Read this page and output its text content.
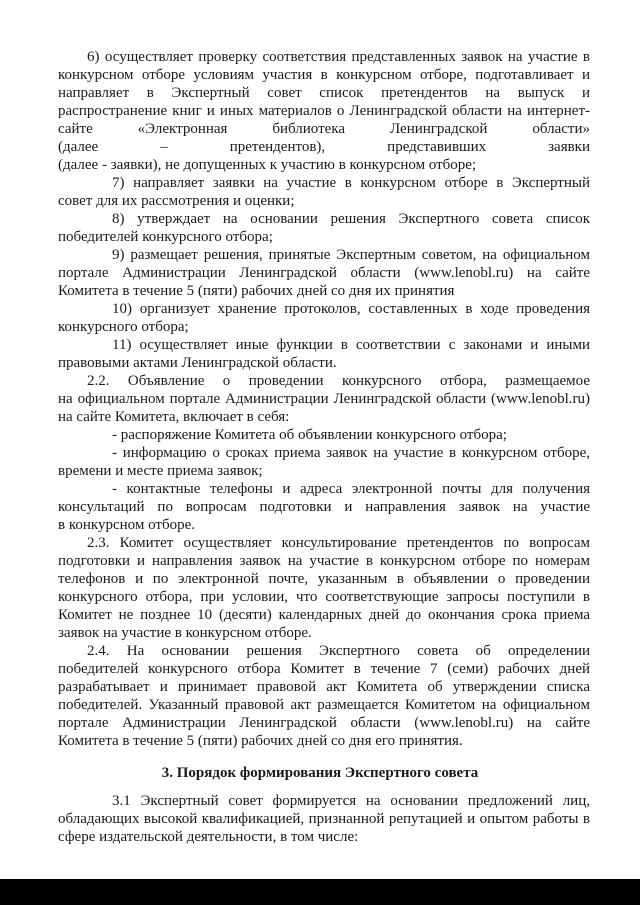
6) осуществляет проверку соответствия представленных заявок на участие в
конкурсном отборе условиям участия в конкурсном отборе, подготавливает и
направляет в Экспертный совет список претендентов на выпуск и
распространение книг и иных материалов о Ленинградской области на интернет-
сайте «Электронная библиотека Ленинградской области»
(далее – претендентов), представивших заявки
(далее - заявки), не допущенных к участию в конкурсном отборе;
7) направляет заявки на участие в конкурсном отборе в Экспертный
совет для их рассмотрения и оценки;
8) утверждает на основании решения Экспертного совета список
победителей конкурсного отбора;
9) размещает решения, принятые Экспертным советом, на официальном
портале Администрации Ленинградской области (www.lenobl.ru) на сайте
Комитета в течение 5 (пяти) рабочих дней со дня их принятия
10) организует хранение протоколов, составленных в ходе проведения
конкурсного отбора;
11) осуществляет иные функции в соответствии с законами и иными
правовыми актами Ленинградской области.
2.2. Объявление о проведении конкурсного отбора, размещаемое
на официальном портале Администрации Ленинградской области (www.lenobl.ru)
на сайте Комитета, включает в себя:
- распоряжение Комитета об объявлении конкурсного отбора;
- информацию о сроках приема заявок на участие в конкурсном отборе,
времени и месте приема заявок;
- контактные телефоны и адреса электронной почты для получения
консультаций по вопросам подготовки и направления заявок на участие
в конкурсном отборе.
2.3. Комитет осуществляет консультирование претендентов по вопросам
подготовки и направления заявок на участие в конкурсном отборе по номерам
телефонов и по электронной почте, указанным в объявлении о проведении
конкурсного отбора, при условии, что соответствующие запросы поступили в
Комитет не позднее 10 (десяти) календарных дней до окончания срока приема
заявок на участие в конкурсном отборе.
2.4. На основании решения Экспертного совета об определении
победителей конкурсного отбора Комитет в течение 7 (семи) рабочих дней
разрабатывает и принимает правовой акт Комитета об утверждении списка
победителей. Указанный правовой акт размещается Комитетом на официальном
портале Администрации Ленинградской области (www.lenobl.ru) на сайте
Комитета в течение 5 (пяти) рабочих дней со дня его принятия.
3. Порядок формирования Экспертного совета
3.1 Экспертный совет формируется на основании предложений лиц,
обладающих высокой квалификацией, признанной репутацией и опытом работы в
сфере издательской деятельности, в том числе:
